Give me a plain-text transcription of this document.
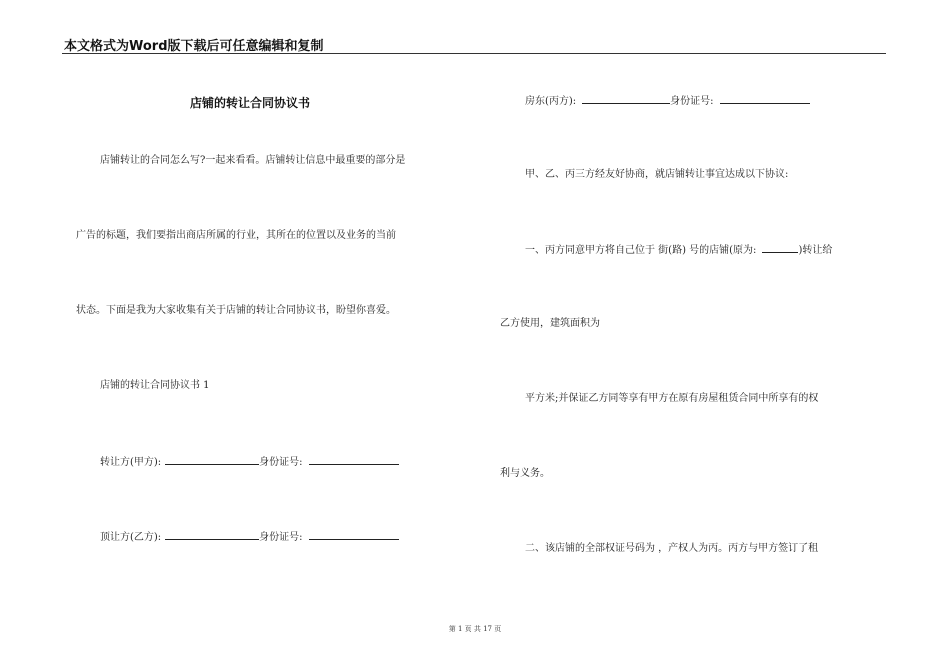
本文格式为Word版下载后可任意编辑和复制
店铺的转让合同协议书
店铺转让的合同怎么写?一起来看看。店铺转让信息中最重要的部分是
广告的标题，我们要指出商店所属的行业，其所在的位置以及业务的当前
状态。下面是我为大家收集有关于店铺的转让合同协议书，盼望你喜爱。
店铺的转让合同协议书 1
转让方(甲方):	身份证号:
顶让方(乙方):	身份证号:
房东(丙方):	身份证号:
甲、乙、丙三方经友好协商，就店铺转让事宜达成以下协议:
一、丙方同意甲方将自己位于 街(路) 号的店铺(原为:	)转让给
乙方使用，建筑面积为
平方米;并保证乙方同等享有甲方在原有房屋租赁合同中所享有的权
利与义务。
二、该店铺的全部权证号码为 ，产权人为丙。丙方与甲方签订了租
第 1 页 共 17 页
